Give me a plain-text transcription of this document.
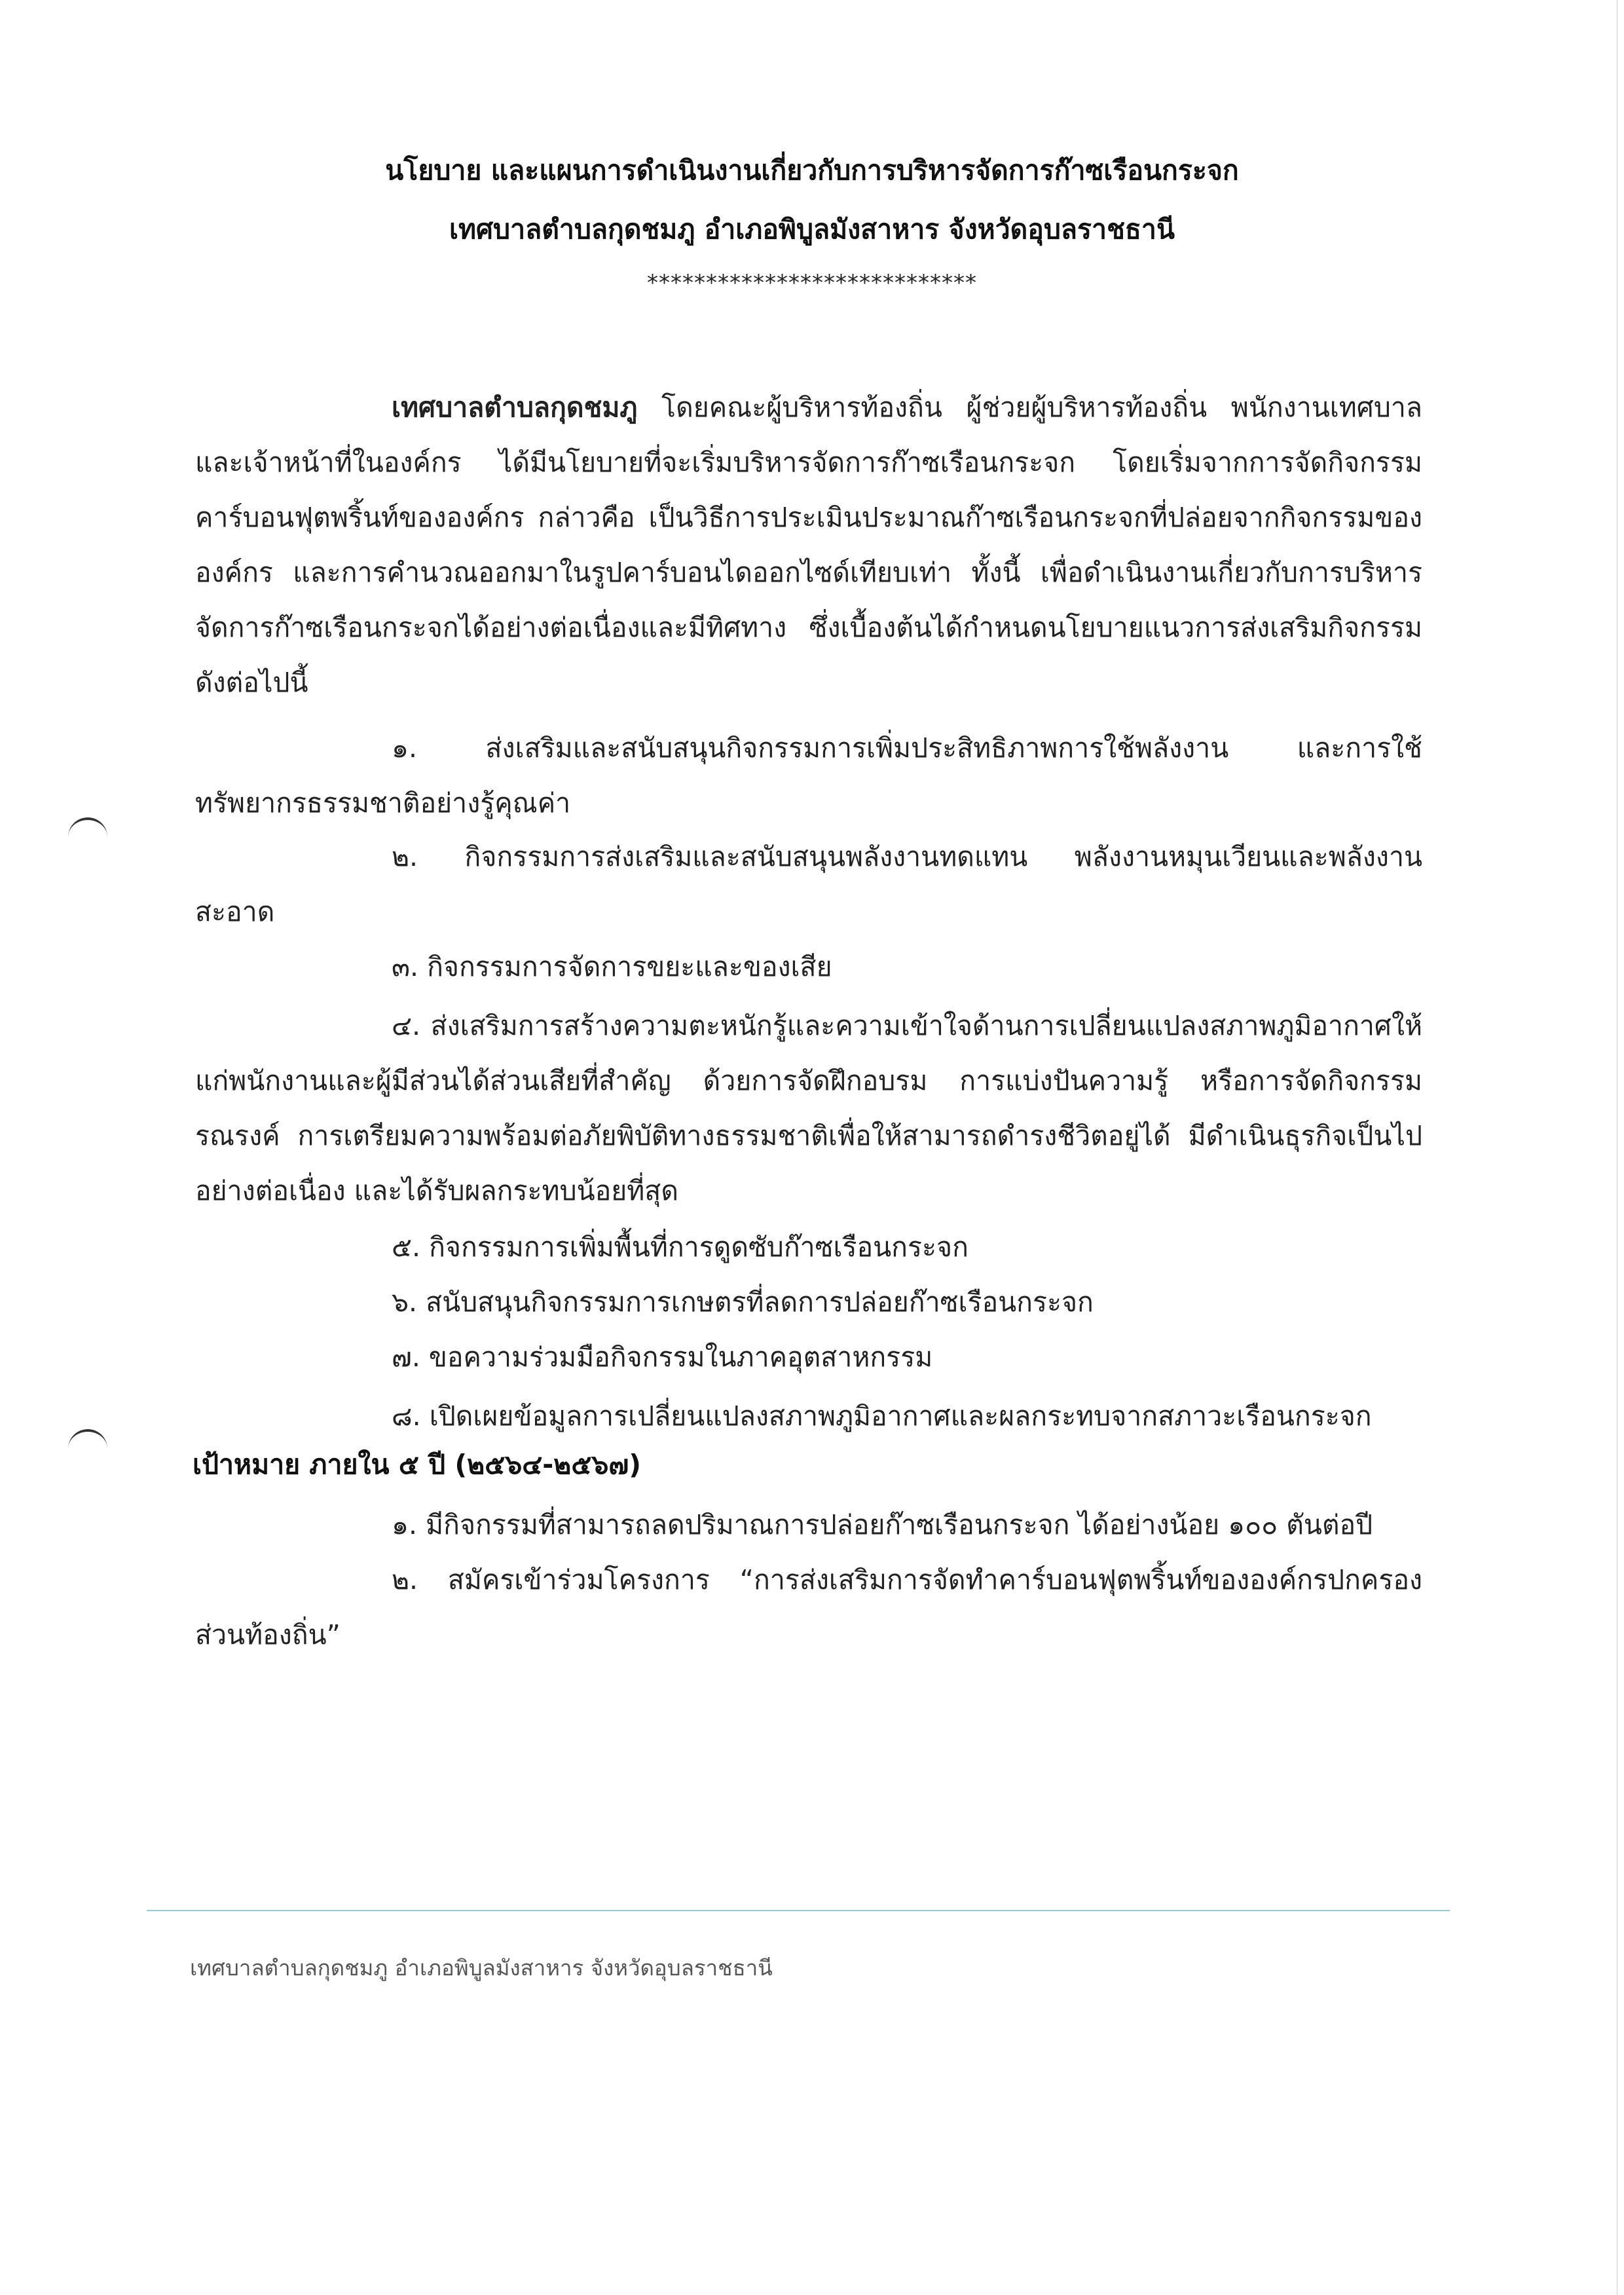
นโยบาย และแผนการดำเนินงานเกี่ยวกับการบริหารจัดการก๊าซเรือนกระจก

เทศบาลตำบลกุดชมภู อำเภอพิบูลมังสาหาร จังหวัดอุบลราชธานี

****************************

เทศบาลตำบลกุดชมภู โดยคณะผู้บริหารท้องถิ่น ผู้ช่วยผู้บริหารท้องถิ่น พนักงานเทศบาล และเจ้าหน้าที่ในองค์กร ได้มีนโยบายที่จะเริ่มบริหารจัดการก๊าซเรือนกระจก โดยเริ่มจากการจัดกิจกรรมคาร์บอนฟุตพริ้นท์ขององค์กร กล่าวคือ เป็นวิธีการประเมินประมาณก๊าซเรือนกระจกที่ปล่อยจากกิจกรรมขององค์กร และการคำนวณออกมาในรูปคาร์บอนไดออกไซด์เทียบเท่า ทั้งนี้ เพื่อดำเนินงานเกี่ยวกับการบริหารจัดการก๊าซเรือนกระจกได้อย่างต่อเนื่องและมีทิศทาง ซึ่งเบื้องต้นได้กำหนดนโยบายแนวการส่งเสริมกิจกรรม ดังต่อไปนี้

๑. ส่งเสริมและสนับสนุนกิจกรรมการเพิ่มประสิทธิภาพการใช้พลังงาน และการใช้ทรัพยากรธรรมชาติอย่างรู้คุณค่า

๒. กิจกรรมการส่งเสริมและสนับสนุนพลังงานทดแทน พลังงานหมุนเวียนและพลังงานสะอาด

๓. กิจกรรมการจัดการขยะและของเสีย

๔. ส่งเสริมการสร้างความตะหนักรู้และความเข้าใจด้านการเปลี่ยนแปลงสภาพภูมิอากาศให้แก่พนักงานและผู้มีส่วนได้ส่วนเสียที่สำคัญ ด้วยการจัดฝึกอบรม การแบ่งปันความรู้ หรือการจัดกิจกรรมรณรงค์ การเตรียมความพร้อมต่อภัยพิบัติทางธรรมชาติเพื่อให้สามารถดำรงชีวิตอยู่ได้ มีดำเนินธุรกิจเป็นไปอย่างต่อเนื่อง และได้รับผลกระทบน้อยที่สุด

๕. กิจกรรมการเพิ่มพื้นที่การดูดซับก๊าซเรือนกระจก

๖. สนับสนุนกิจกรรมการเกษตรที่ลดการปล่อยก๊าซเรือนกระจก

๗. ขอความร่วมมือกิจกรรมในภาคอุตสาหกรรม

๘. เปิดเผยข้อมูลการเปลี่ยนแปลงสภาพภูมิอากาศและผลกระทบจากสภาวะเรือนกระจก

เป้าหมาย ภายใน ๕ ปี (๒๕๖๔-๒๕๖๗)

๑. มีกิจกรรมที่สามารถลดปริมาณการปล่อยก๊าซเรือนกระจก ได้อย่างน้อย ๑๐๐ ตันต่อปี

๒. สมัครเข้าร่วมโครงการ “การส่งเสริมการจัดทำคาร์บอนฟุตพริ้นท์ขององค์กรปกครองส่วนท้องถิ่น”

เทศบาลตำบลกุดชมภู อำเภอพิบูลมังสาหาร จังหวัดอุบลราชธานี
